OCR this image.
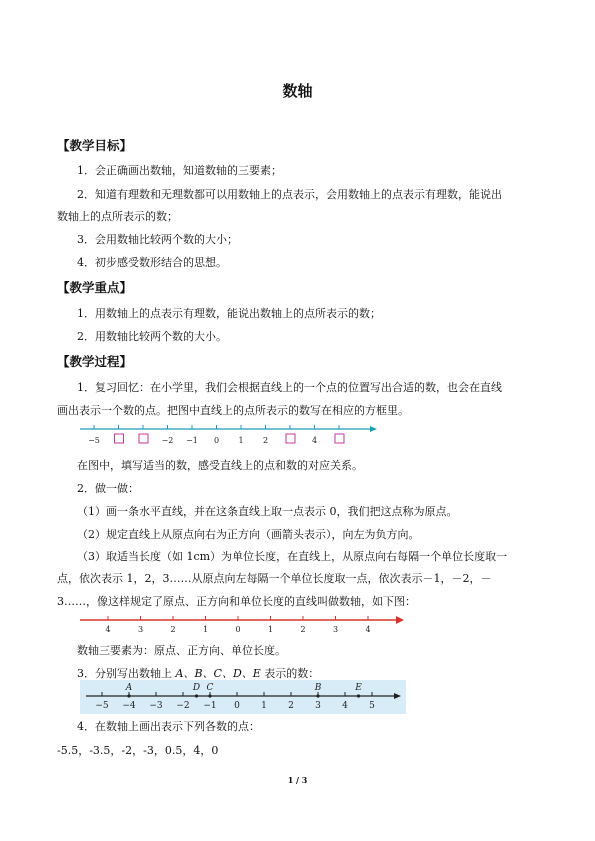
数轴
【教学目标】
1．会正确画出数轴，知道数轴的三要素；
2．知道有理数和无理数都可以用数轴上的点表示，会用数轴上的点表示有理数，能说出
数轴上的点所表示的数；
3．会用数轴比较两个数的大小；
4．初步感受数形结合的思想。
【教学重点】
1．用数轴上的点表示有理数，能说出数轴上的点所表示的数；
2．用数轴比较两个数的大小。
【教学过程】
1．复习回忆：在小学里，我们会根据直线上的一个点的位置写出合适的数，也会在直线
画出表示一个数的点。把图中直线上的点所表示的数写在相应的方框里。
−5	−2 −1 0 1 2	4
在图中，填写适当的数，感受直线上的点和数的对应关系。
2．做一做：
（1）画一条水平直线，并在这条直线上取一点表示 0，我们把这点称为原点。
（2）规定直线上从原点向右为正方向（画箭头表示），向左为负方向。
（3）取适当长度（如 1cm）为单位长度，在直线上，从原点向右每隔一个单位长度取一
点，依次表示 1，2，3……从原点向左每隔一个单位长度取一点，依次表示－1，－2，－
3……，像这样规定了原点、正方向和单位长度的直线叫做数轴，如下图：
4	3	2	1	0	1	2	3	4
数轴三要素为：原点、正方向、单位长度。
3．分别写出数轴上 A、B、C、D、E 表示的数：
−5 −4 −3 −2 −1 0 1 2 3 4 5
A	D C	B	E
4．在数轴上画出表示下列各数的点：
-5.5，-3.5，-2，-3，0.5，4，0
1 / 3
